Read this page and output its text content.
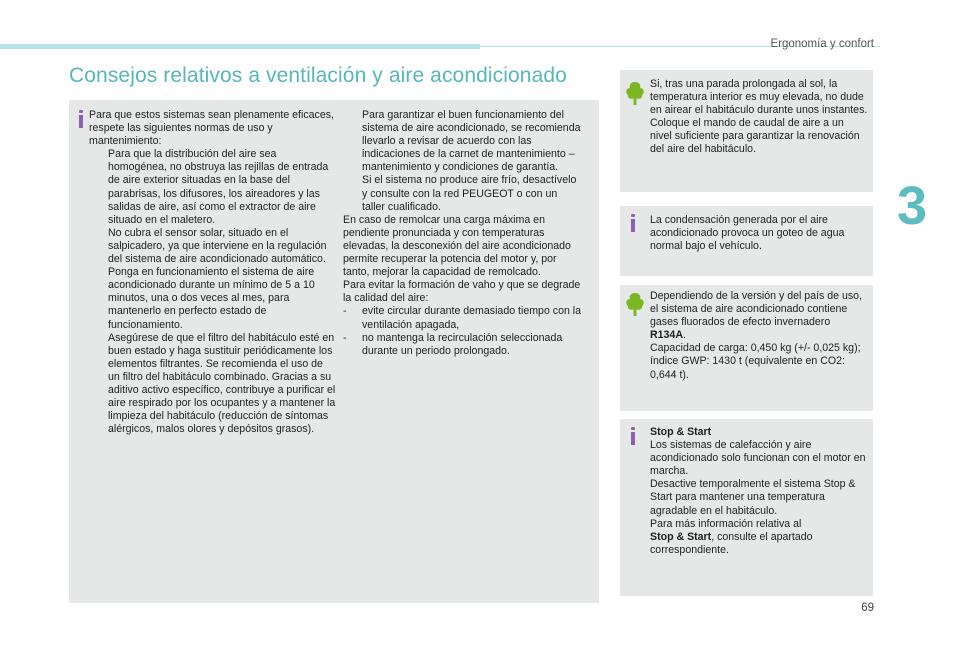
Ergonomía y confort
Consejos relativos a ventilación y aire acondicionado
3

Para que estos sistemas sean plenamente eficaces, respete las siguientes normas de uso y mantenimiento:

Para que la distribución del aire sea homogénea, no obstruya las rejillas de entrada de aire exterior situadas en la base del parabrisas, los difusores, los aireadores y las salidas de aire, así como el extractor de aire situado en el maletero.
No cubra el sensor solar, situado en el salpicadero, ya que interviene en la regulación del sistema de aire acondicionado automático.
Ponga en funcionamiento el sistema de aire acondicionado durante un mínimo de 5 a 10 minutos, una o dos veces al mes, para mantenerlo en perfecto estado de funcionamiento.
Asegúrese de que el filtro del habitáculo esté en buen estado y haga sustituir periódicamente los elementos filtrantes. Se recomienda el uso de un filtro del habitáculo combinado. Gracias a su aditivo activo específico, contribuye a purificar el aire respirado por los ocupantes y a mantener la limpieza del habitáculo (reducción de síntomas alérgicos, malos olores y depósitos grasos).
Para garantizar el buen funcionamiento del sistema de aire acondicionado, se recomienda llevarlo a revisar de acuerdo con las indicaciones de la carnet de mantenimiento – mantenimiento y condiciones de garantía.
Si el sistema no produce aire frío, desactívelo y consulte con la red PEUGEOT o con un taller cualificado.

En caso de remolcar una carga máxima en pendiente pronunciada y con temperaturas elevadas, la desconexión del aire acondicionado permite recuperar la potencia del motor y, por tanto, mejorar la capacidad de remolcado.

Para evitar la formación de vaho y que se degrade la calidad del aire:

- evite circular durante demasiado tiempo con la ventilación apagada,
- no mantenga la recirculación seleccionada durante un periodo prolongado.

Si, tras una parada prolongada al sol, la temperatura interior es muy elevada, no dude en airear el habitáculo durante unos instantes.

Coloque el mando de caudal de aire a un nivel suficiente para garantizar la renovación del aire del habitáculo.

La condensación generada por el aire acondicionado provoca un goteo de agua normal bajo el vehículo.

Dependiendo de la versión y del país de uso, el sistema de aire acondicionado contiene gases fluorados de efecto invernadero R134A.

Capacidad de carga: 0,450 kg (+/- 0,025 kg); índice GWP: 1430 t (equivalente en CO2: 0,644 t).

Stop & Start

Los sistemas de calefacción y aire acondicionado solo funcionan con el motor en marcha.

Desactive temporalmente el sistema Stop & Start para mantener una temperatura agradable en el habitáculo.

Para más información relativa al

Stop & Start, consulte el apartado correspondiente.

69
